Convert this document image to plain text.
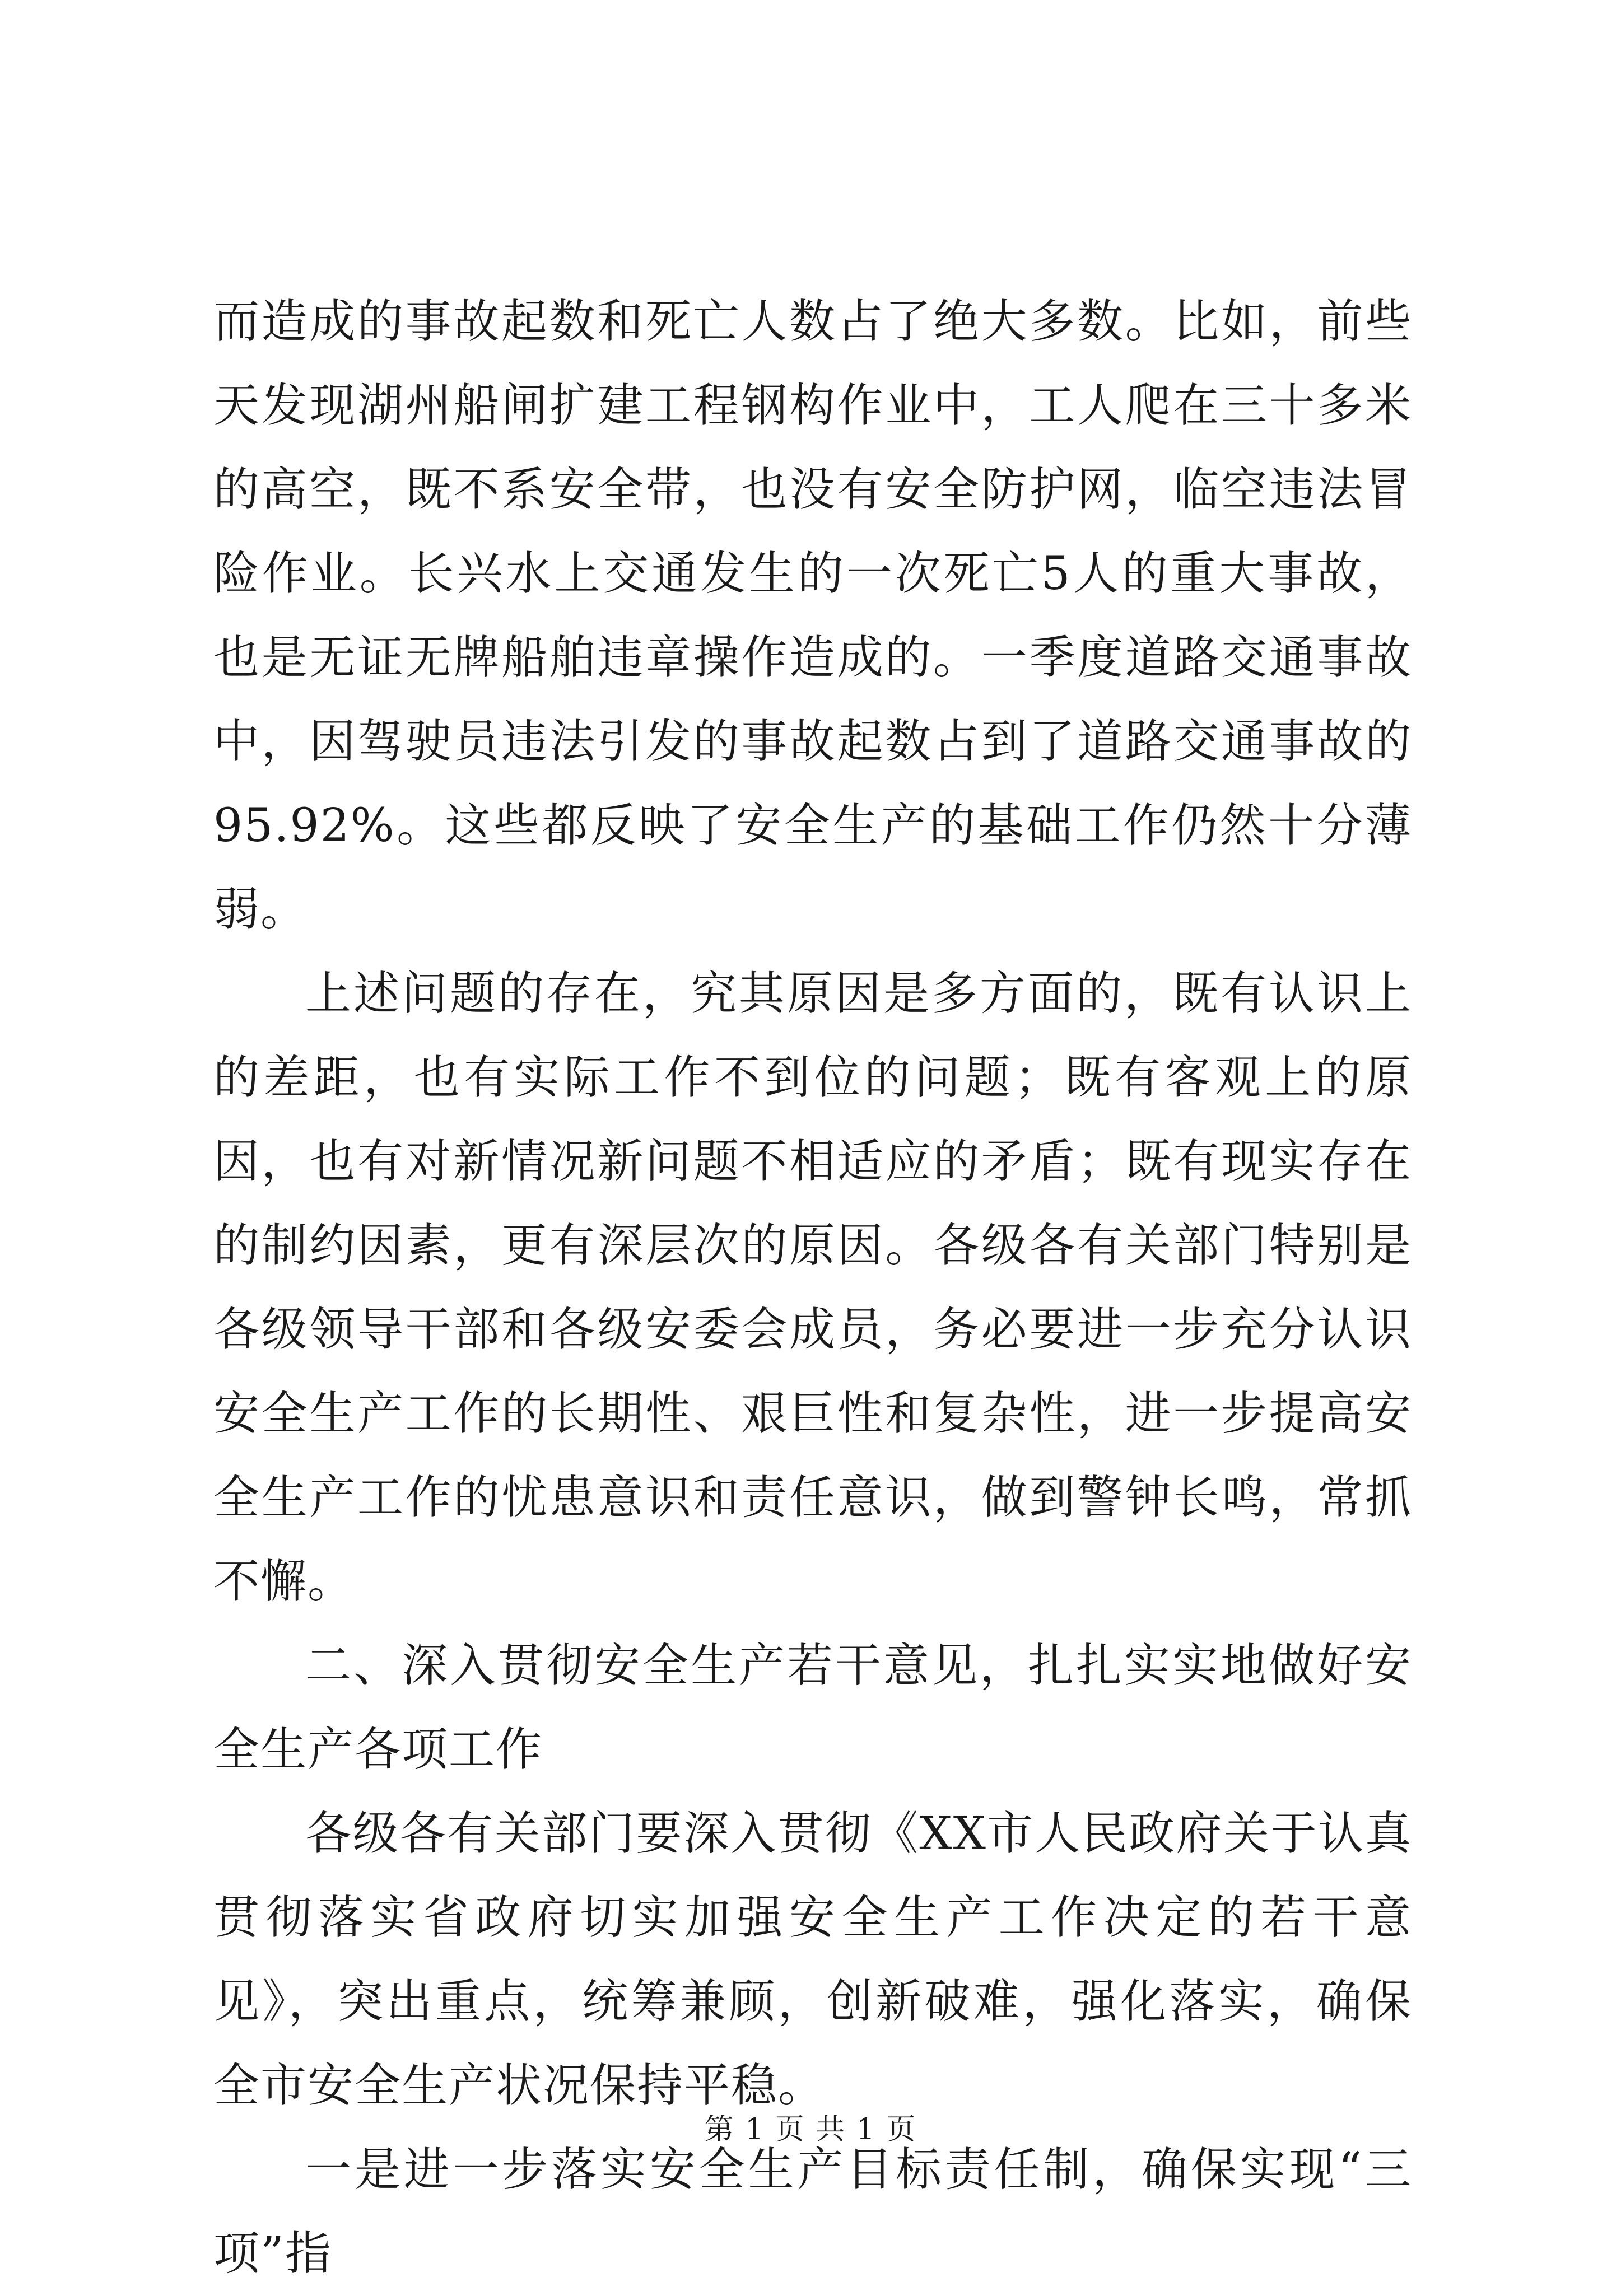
而造成的事故起数和死亡人数占了绝大多数。比如，前些天发现湖州船闸扩建工程钢构作业中，工人爬在三十多米的高空，既不系安全带，也没有安全防护网，临空违法冒险作业。长兴水上交通发生的一次死亡5人的重大事故，也是无证无牌船舶违章操作造成的。一季度道路交通事故中，因驾驶员违法引发的事故起数占到了道路交通事故的95.92%。这些都反映了安全生产的基础工作仍然十分薄弱。

上述问题的存在，究其原因是多方面的，既有认识上的差距，也有实际工作不到位的问题；既有客观上的原因，也有对新情况新问题不相适应的矛盾；既有现实存在的制约因素，更有深层次的原因。各级各有关部门特别是各级领导干部和各级安委会成员，务必要进一步充分认识安全生产工作的长期性、艰巨性和复杂性，进一步提高安全生产工作的忧患意识和责任意识，做到警钟长鸣，常抓不懈。

二、深入贯彻安全生产若干意见，扎扎实实地做好安全生产各项工作

各级各有关部门要深入贯彻《XX市人民政府关于认真贯彻落实省政府切实加强安全生产工作决定的若干意见》，突出重点，统筹兼顾，创新破难，强化落实，确保全市安全生产状况保持平稳。

一是进一步落实安全生产目标责任制，确保实现“三项”指

第 1 页 共 1 页
